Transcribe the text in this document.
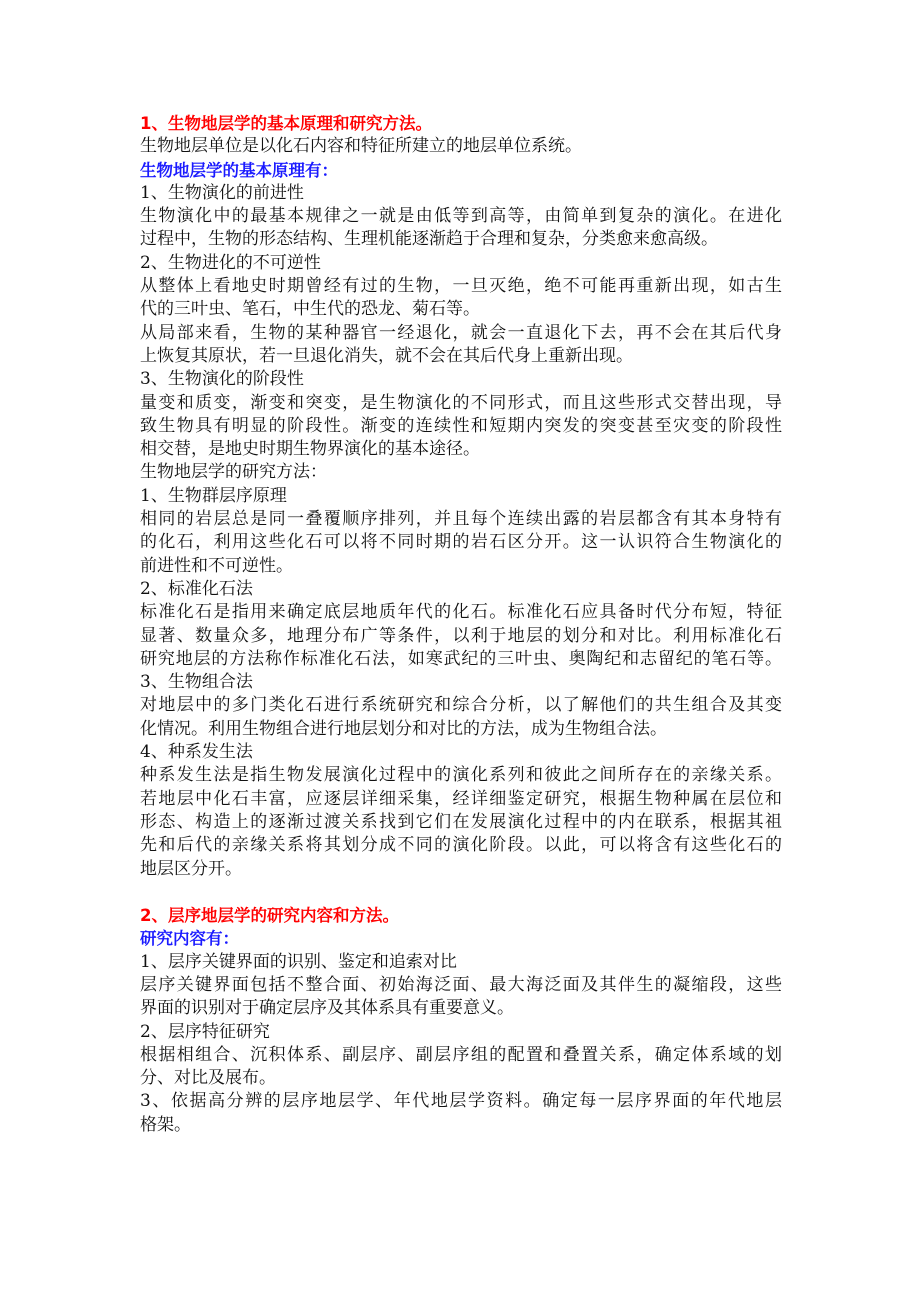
1、生物地层学的基本原理和研究方法。
生物地层单位是以化石内容和特征所建立的地层单位系统。
生物地层学的基本原理有：
1、生物演化的前进性
生物演化中的最基本规律之一就是由低等到高等，由简单到复杂的演化。在进化
过程中，生物的形态结构、生理机能逐渐趋于合理和复杂，分类愈来愈高级。
2、生物进化的不可逆性
从整体上看地史时期曾经有过的生物，一旦灭绝，绝不可能再重新出现，如古生
代的三叶虫、笔石，中生代的恐龙、菊石等。
从局部来看，生物的某种器官一经退化，就会一直退化下去，再不会在其后代身
上恢复其原状，若一旦退化消失，就不会在其后代身上重新出现。
3、生物演化的阶段性
量变和质变，渐变和突变，是生物演化的不同形式，而且这些形式交替出现，导
致生物具有明显的阶段性。渐变的连续性和短期内突发的突变甚至灾变的阶段性
相交替，是地史时期生物界演化的基本途径。
生物地层学的研究方法：
1、生物群层序原理
相同的岩层总是同一叠覆顺序排列，并且每个连续出露的岩层都含有其本身特有
的化石，利用这些化石可以将不同时期的岩石区分开。这一认识符合生物演化的
前进性和不可逆性。
2、标准化石法
标准化石是指用来确定底层地质年代的化石。标准化石应具备时代分布短，特征
显著、数量众多，地理分布广等条件，以利于地层的划分和对比。利用标准化石
研究地层的方法称作标准化石法，如寒武纪的三叶虫、奥陶纪和志留纪的笔石等。
3、生物组合法
对地层中的多门类化石进行系统研究和综合分析，以了解他们的共生组合及其变
化情况。利用生物组合进行地层划分和对比的方法，成为生物组合法。
4、种系发生法
种系发生法是指生物发展演化过程中的演化系列和彼此之间所存在的亲缘关系。
若地层中化石丰富，应逐层详细采集，经详细鉴定研究，根据生物种属在层位和
形态、构造上的逐渐过渡关系找到它们在发展演化过程中的内在联系，根据其祖
先和后代的亲缘关系将其划分成不同的演化阶段。以此，可以将含有这些化石的
地层区分开。
2、层序地层学的研究内容和方法。
研究内容有：
1、层序关键界面的识别、鉴定和追索对比
层序关键界面包括不整合面、初始海泛面、最大海泛面及其伴生的凝缩段，这些
界面的识别对于确定层序及其体系具有重要意义。
2、层序特征研究
根据相组合、沉积体系、副层序、副层序组的配置和叠置关系，确定体系域的划
分、对比及展布。
3、依据高分辨的层序地层学、年代地层学资料。确定每一层序界面的年代地层
格架。
